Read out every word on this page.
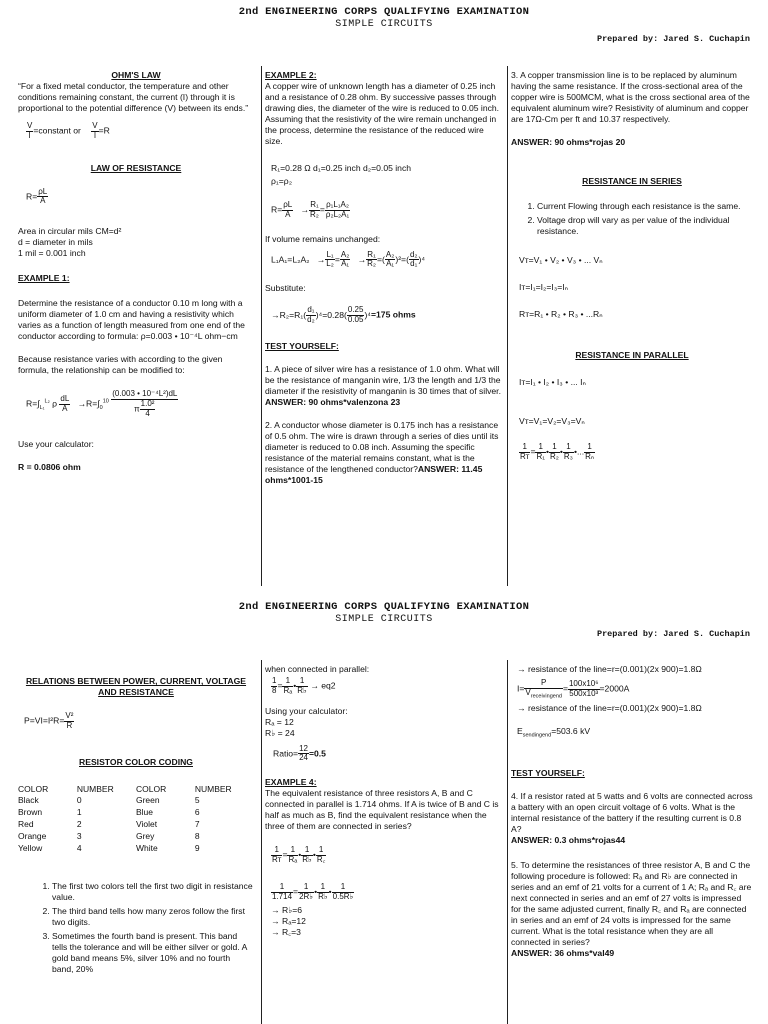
2nd ENGINEERING CORPS QUALIFYING EXAMINATION
SIMPLE CIRCUITS
Prepared by: Jared S. Cuchapin
OHM'S LAW

“For a fixed metal conductor, the temperature and other conditions remaining constant, the current (I) through it is proportional to the potential difference (V) between its ends.”

$\frac{V}{I}$ =constant or $\frac{V}{I} =R$
LAW OF RESISTANCE
$R= \frac{\rho L}{A}$
Area in circular mils CM=d²
d = diameter in mils
1 mil = 0.001 inch
EXAMPLE 1:

Determine the resistance of a conductor 0.10 m long with a uniform diameter of 1.0 cm and having a resistivity which varies as a function of length measured from one end of the conductor according to formula: ρ=0.003 • 10⁻⁴L ohm−cm

Because resistance varies with according to the given formula, the relationship can be modified to:

$R=\int_{L_1}^{L_2}$ ρ $\frac{dL}{A} \to R=\int_0^{10} \frac{\text{(0.003 • 10⁻⁴L²)dL}}{\pi \frac{\text{1.0²}}{4}}$
Use your calculator:
R = 0.0806 ohm
EXAMPLE 2:

A copper wire of unknown length has a diameter of 0.25 inch and a resistance of 0.28 ohm. By successive passes through drawing dies, the diameter of the wire is reduced to 0.05 inch. Assuming that the resistivity of the wire remain unchanged in the process, determine the resistance of the reduced wire size.

R₁=0.28 Ω d₁=0.25 inch d₂=0.05 inch
ρ₁=ρ₂
$R= \frac{\rho L}{A} \to \frac{\text{R₁}}{\text{R₂}} = \frac{\text{ρ₁L₁A₂}}{\text{ρ₂L₂A₁}}$
If volume remains unchanged:
$L_1A_1=L_2A_2 \to \frac{\text{L₁}}{\text{L₂}} = \frac{\text{A₂}}{\text{A₁}} \to \frac{\text{R₁}}{\text{R₂}}$ =( $\frac{\text{A₂}}{\text{A₁}} )^2=( \frac{\text{d₂}}{\text{d₁}} )^4$
Substitute:
$\to R_2=R_1( \frac{\text{d₁}}{\text{d₂}} )^4=0.28( \frac{0.25}{0.05} )^4=175$ ohms
TEST YOURSELF:

1. A piece of silver wire has a resistance of 1.0 ohm. What will be the resistance of manganin wire, 1/3 the length and 1/3 the diameter if the resistivity of manganin is 30 times that of silver. ANSWER: 90 ohms*valenzona 23

2. A conductor whose diameter is 0.175 inch has a resistance of 0.5 ohm. The wire is drawn through a series of dies until its diameter is reduced to 0.08 inch. Assuming the specific resistance of the material remains constant, what is the resistance of the lengthened conductor?ANSWER: 11.45 ohms*1001-15

3. A copper transmission line is to be replaced by aluminum having the same resistance. If the cross-sectional area of the copper wire is 500MCM, what is the cross sectional area of the equivalent aluminum wire? Resistivity of aluminum and copper are 17Ω-Cm per ft and 10.37 respectively.

ANSWER: 90 ohms*rojas 20
RESISTANCE IN SERIES
1. Current Flowing through each resistance is the same.
2. Voltage drop will vary as per value of the individual resistance.
Vᴛ=V₁ • V₂ • V₃ • ... Vₙ
Iᴛ=I₁=I₂=I₃=Iₙ
Rᴛ=R₁ • R₂ • R₃ • ...Rₙ
RESISTANCE IN PARALLEL
Iᴛ=I₁ • I₂ • I₃ • ... Iₙ
Vᴛ=V₁=V₂=V₃=Vₙ
$\frac{1}{\text{Rᴛ}} = \frac{1}{\text{R₁}}$ • $\frac{1}{\text{R₂}}$ • $\frac{1}{\text{R₃}}$ •... $\frac{1}{\text{Rₙ}}$
2nd ENGINEERING CORPS QUALIFYING EXAMINATION
SIMPLE CIRCUITS
Prepared by: Jared S. Cuchapin
RELATIONS BETWEEN POWER, CURRENT, VOLTAGE AND RESISTANCE
$P=VI=I^2R= \frac{\text{V²}}{R}$
RESISTOR COLOR CODING
COLOR	NUMBER	COLOR	NUMBER
Black	0	Green	5
Brown	1	Blue	6
Red	2	Violet	7
Orange	3	Grey	8
Yellow	4	White	9
1. The first two colors tell the first two digit in resistance value.
2. The third band tells how many zeros follow the first two digits.
3. Sometimes the fourth band is present. This band tells the tolerance and will be either silver or gold. A gold band means 5%, silver 10% and no fourth band, 20%
when connected in parallel:
$\frac{1}{8} = \frac{1}{\text{Rₐ}}$ • $\frac{1}{R♭} \to eq2$
Using your calculator:
Rₐ = 12
R♭ = 24
Ratio= $\frac{12}{24} =0.5$
EXAMPLE 4:

The equivalent resistance of three resistors A, B and C connected in parallel is 1.714 ohms. If A is twice of B and C is half as much as B, find the equivalent resistance when the three of them are connected in series?

$\frac{1}{\text{Rᴛ}} = \frac{1}{\text{Rₐ}}$ • $\frac{1}{R♭}$ • $\frac{1}{R꜀}$
$\frac{1}{1.714} = \frac{1}{2R♭}$ • $\frac{1}{R♭}$ • $\frac{1}{0.5R♭}$
→ R♭=6
→ Rₐ=12
→ R꜀=3
→ resistance of the line=r=(0.001)(2x 900)=1.8Ω
I=
P
$V_{receivingend}$
= $\frac{\text{100x10⁶}}{\text{500x10³}} =2000A$
→ resistance of the line=r=(0.001)(2x 900)=1.8Ω
$E_{sendingend}=503.6$ kV
TEST YOURSELF:

4. If a resistor rated at 5 watts and 6 volts are connected across a battery with an open circuit voltage of 6 volts. What is the internal resistance of the battery if the resulting current is 0.8 A?

ANSWER: 0.3 ohms*rojas44

5. To determine the resistances of three resistor A, B and C the following procedure is followed: Rₐ and R♭ are connected in series and an emf of 21 volts for a current of 1 A; Rₐ and R꜀ are next connected in series and an emf of 27 volts is impressed for the same adjusted current, finally R꜀ and Rₐ are connected in series and an emf of 24 volts is impressed for the same current. What is the total resistance when they are all connected in series?

ANSWER: 36 ohms*val49
